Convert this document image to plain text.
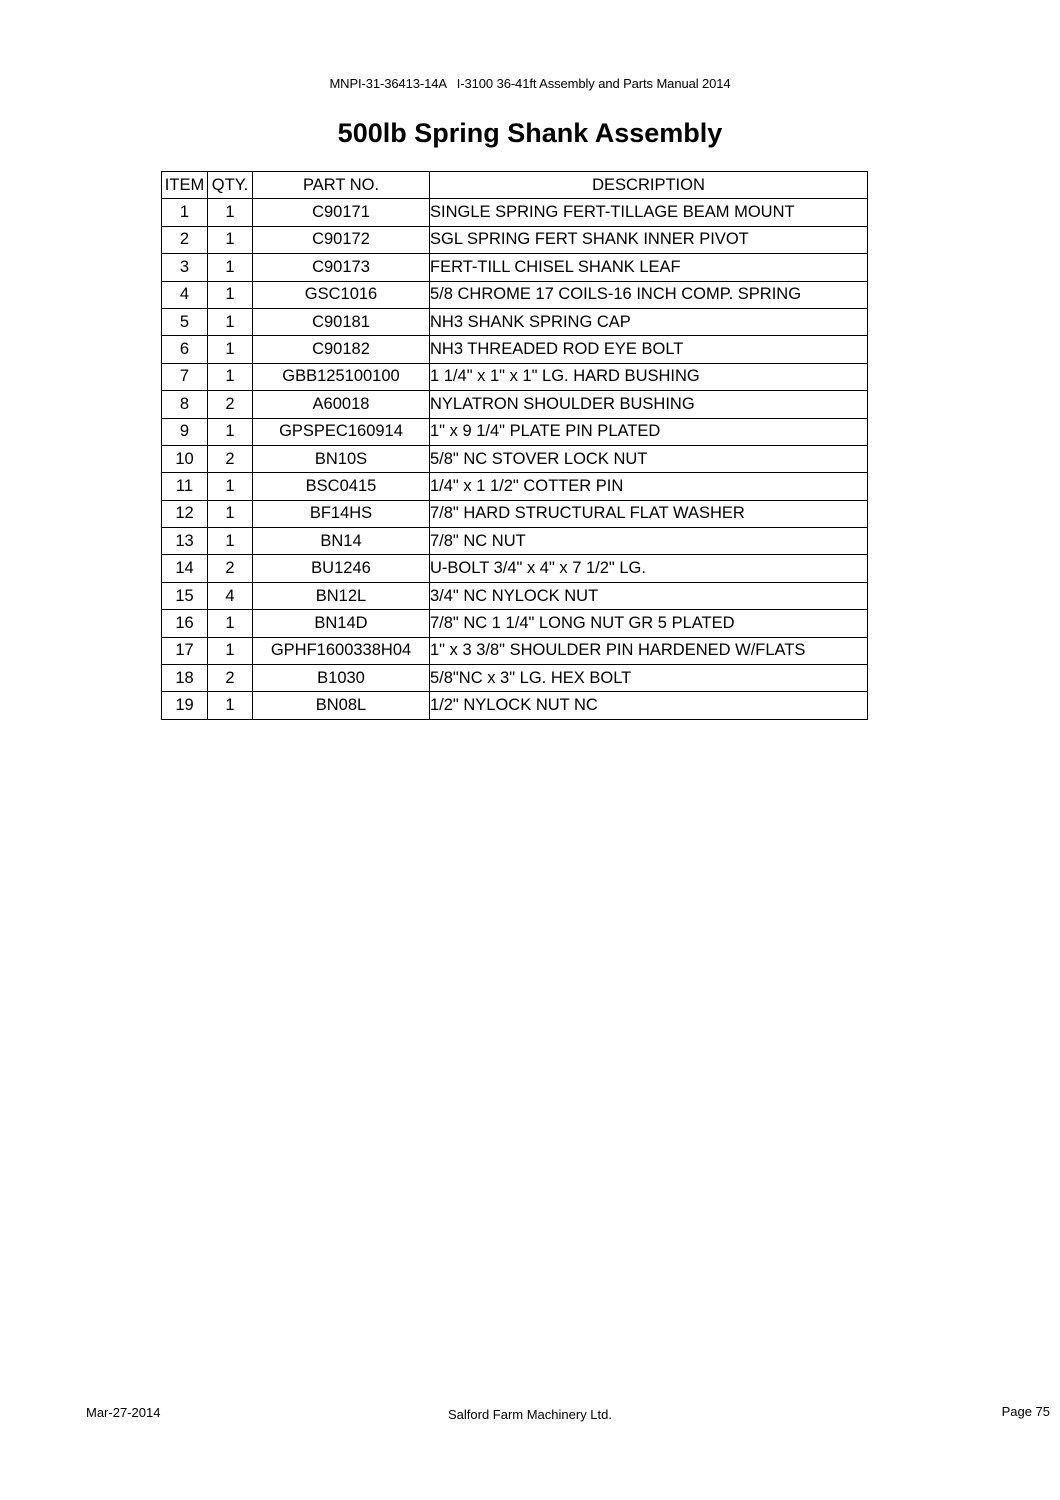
MNPI-31-36413-14A   I-3100 36-41ft Assembly and Parts Manual 2014
500lb Spring Shank Assembly
ITEM	QTY.	PART NO.	DESCRIPTION
1	1	C90171	SINGLE SPRING FERT-TILLAGE BEAM MOUNT
2	1	C90172	SGL SPRING FERT SHANK INNER PIVOT
3	1	C90173	FERT-TILL CHISEL SHANK LEAF
4	1	GSC1016	5/8 CHROME 17 COILS-16 INCH COMP. SPRING
5	1	C90181	NH3 SHANK SPRING CAP
6	1	C90182	NH3 THREADED ROD EYE BOLT
7	1	GBB125100100	1 1/4" x 1" x 1" LG. HARD BUSHING
8	2	A60018	NYLATRON SHOULDER BUSHING
9	1	GPSPEC160914	1" x 9 1/4" PLATE PIN PLATED
10	2	BN10S	5/8" NC STOVER LOCK NUT
11	1	BSC0415	1/4" x 1 1/2" COTTER PIN
12	1	BF14HS	7/8" HARD STRUCTURAL FLAT WASHER
13	1	BN14	7/8" NC NUT
14	2	BU1246	U-BOLT 3/4" x 4" x 7 1/2" LG.
15	4	BN12L	3/4" NC NYLOCK NUT
16	1	BN14D	7/8" NC 1 1/4" LONG NUT GR 5 PLATED
17	1	GPHF1600338H04	1" x 3 3/8" SHOULDER PIN HARDENED W/FLATS
18	2	B1030	5/8"NC x 3" LG. HEX BOLT
19	1	BN08L	1/2" NYLOCK NUT NC
Mar-27-2014	Salford Farm Machinery Ltd.	Page 75
